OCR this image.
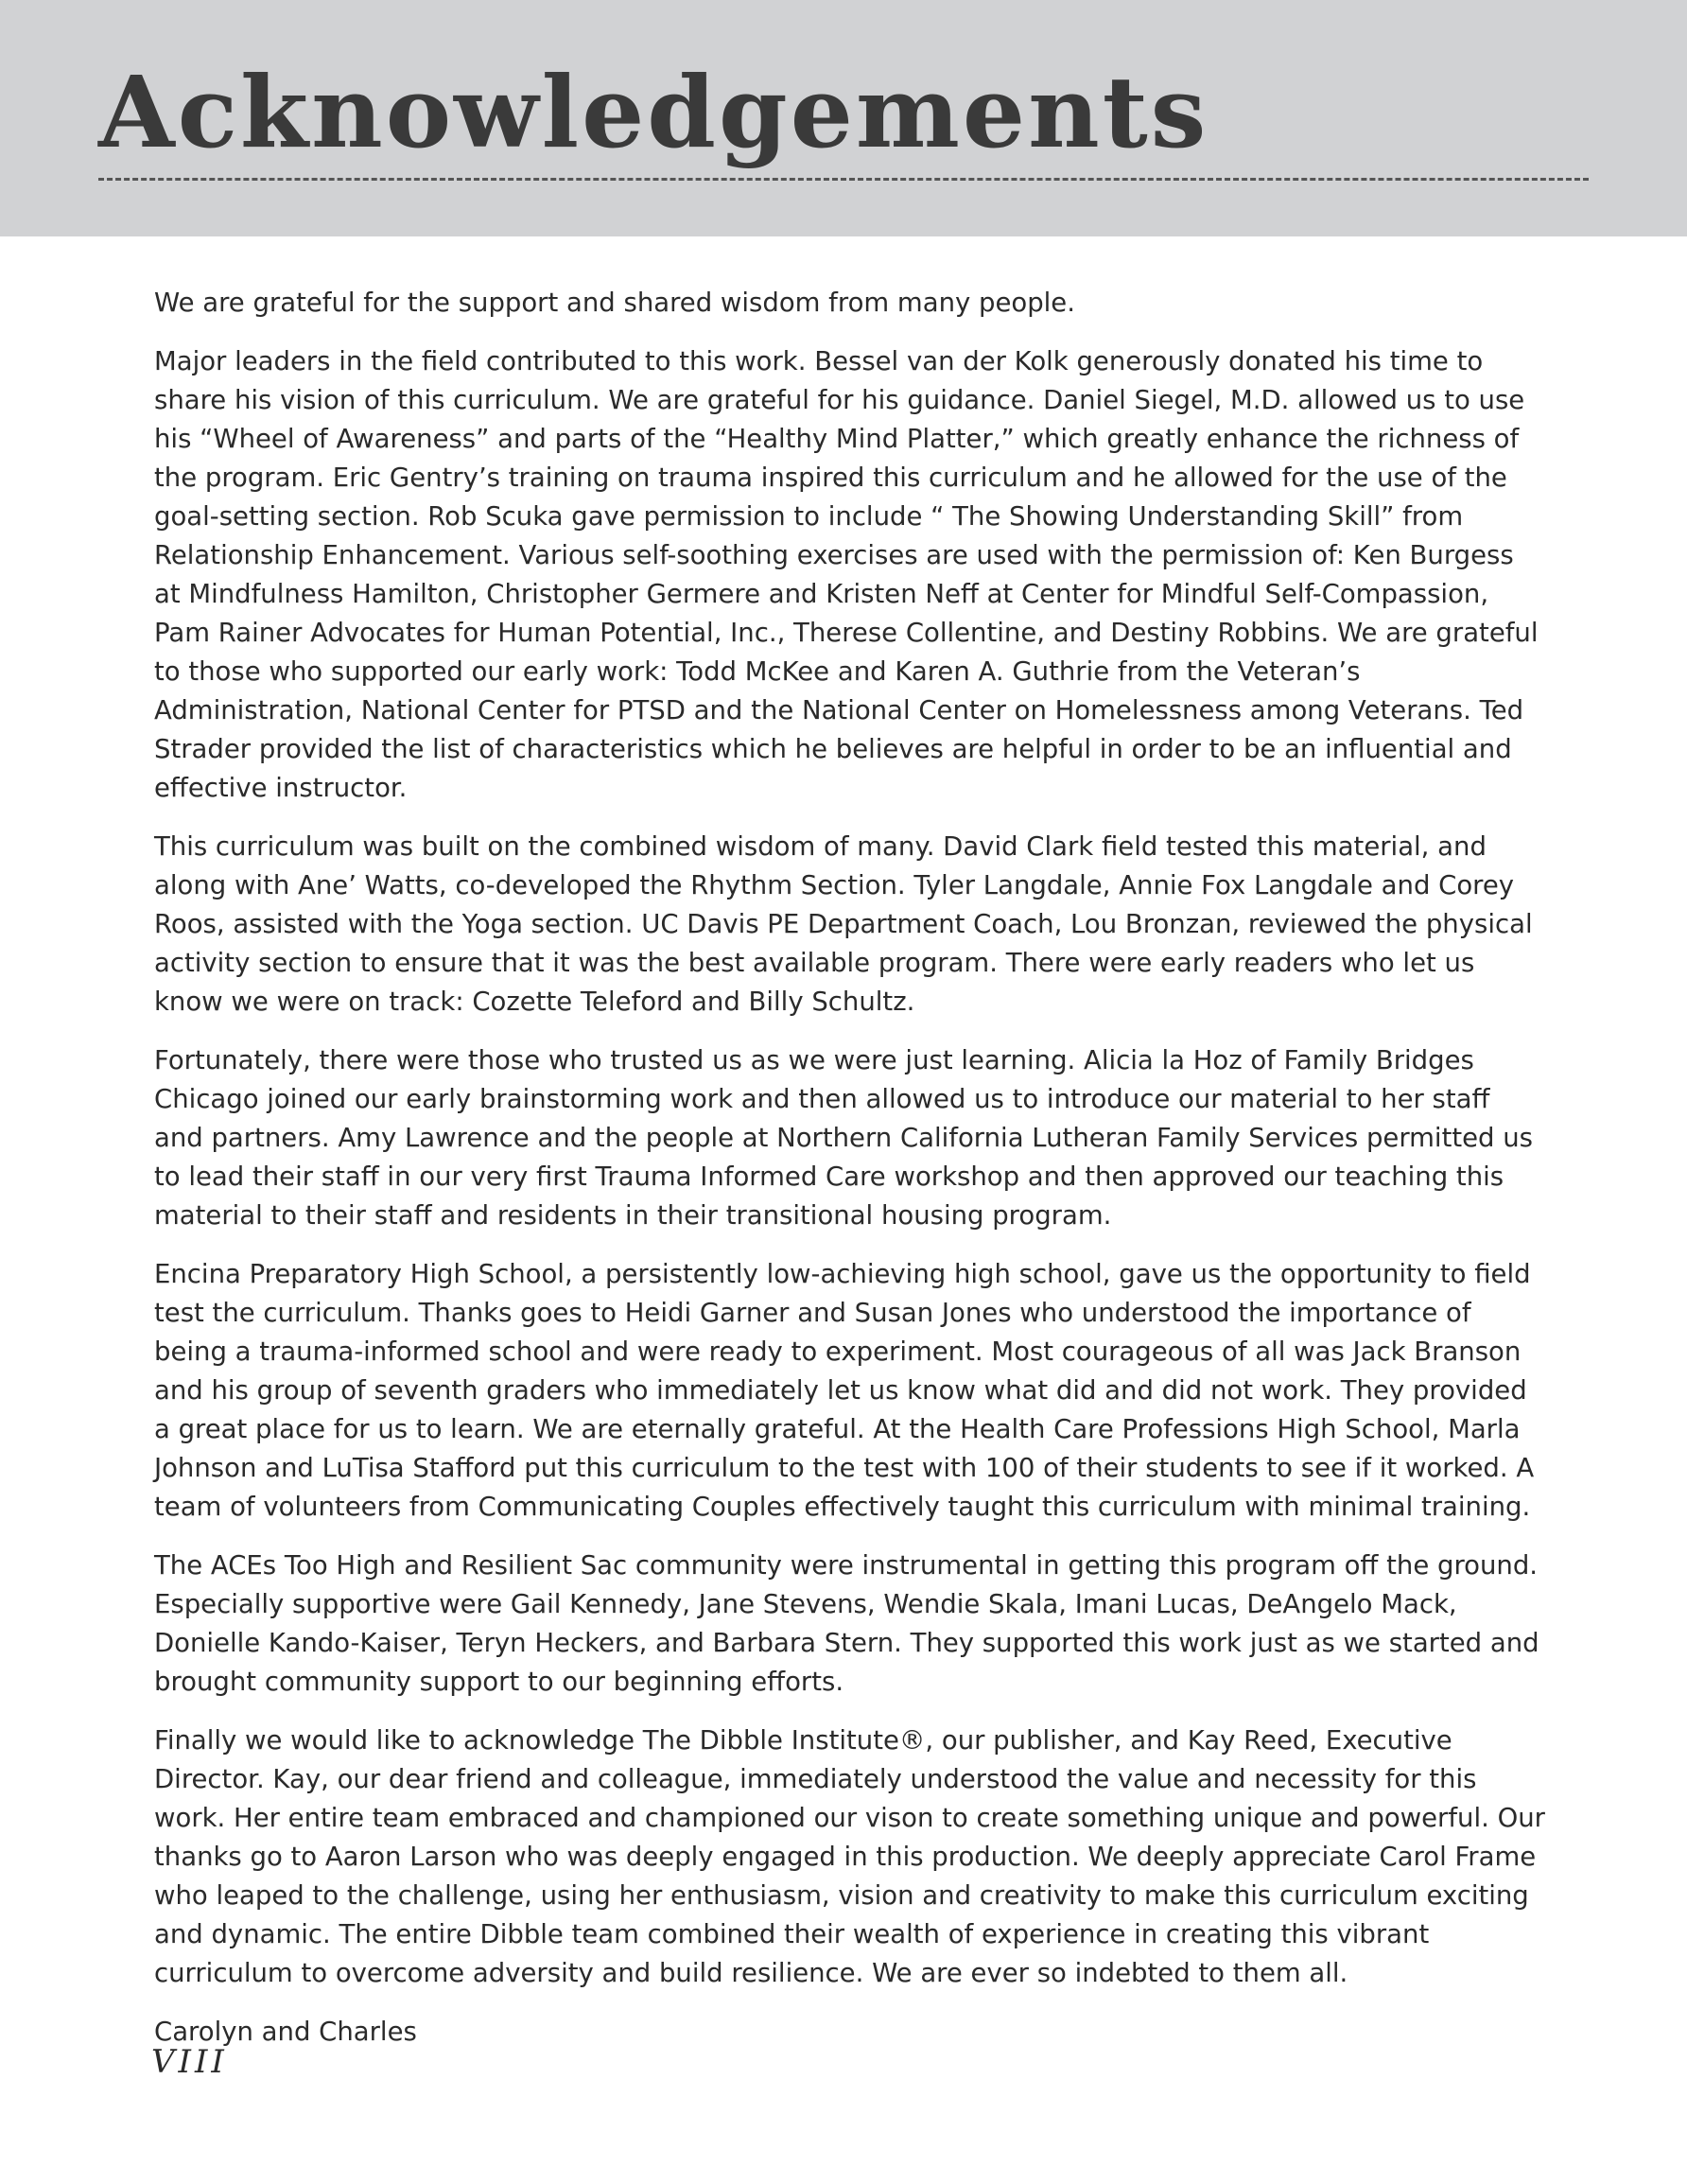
Acknowledgements

We are grateful for the support and shared wisdom from many people.

Major leaders in the field contributed to this work. Bessel van der Kolk generously donated his time to share his vision of this curriculum. We are grateful for his guidance. Daniel Siegel, M.D. allowed us to use his “Wheel of Awareness” and parts of the “Healthy Mind Platter,” which greatly enhance the richness of the program. Eric Gentry’s training on trauma inspired this curriculum and he allowed for the use of the goal-setting section. Rob Scuka gave permission to include “ The Showing Understanding Skill” from Relationship Enhancement. Various self-soothing exercises are used with the permission of: Ken Burgess at Mindfulness Hamilton, Christopher Germere and Kristen Neff at Center for Mindful Self-Compassion, Pam Rainer Advocates for Human Potential, Inc., Therese Collentine, and Destiny Robbins. We are grateful to those who supported our early work: Todd McKee and Karen A. Guthrie from the Veteran’s Administration, National Center for PTSD and the National Center on Homelessness among Veterans. Ted Strader provided the list of characteristics which he believes are helpful in order to be an influential and effective instructor.

This curriculum was built on the combined wisdom of many. David Clark field tested this material, and along with Ane’ Watts, co-developed the Rhythm Section. Tyler Langdale, Annie Fox Langdale and Corey Roos, assisted with the Yoga section. UC Davis PE Department Coach, Lou Bronzan, reviewed the physical activity section to ensure that it was the best available program. There were early readers who let us know we were on track: Cozette Teleford and Billy Schultz.

Fortunately, there were those who trusted us as we were just learning. Alicia la Hoz of Family Bridges Chicago joined our early brainstorming work and then allowed us to introduce our material to her staff and partners. Amy Lawrence and the people at Northern California Lutheran Family Services permitted us to lead their staff in our very first Trauma Informed Care workshop and then approved our teaching this material to their staff and residents in their transitional housing program.

Encina Preparatory High School, a persistently low-achieving high school, gave us the opportunity to field test the curriculum. Thanks goes to Heidi Garner and Susan Jones who understood the importance of being a trauma-informed school and were ready to experiment. Most courageous of all was Jack Branson and his group of seventh graders who immediately let us know what did and did not work. They provided a great place for us to learn. We are eternally grateful. At the Health Care Professions High School, Marla Johnson and LuTisa Stafford put this curriculum to the test with 100 of their students to see if it worked. A team of volunteers from Communicating Couples effectively taught this curriculum with minimal training.

The ACEs Too High and Resilient Sac community were instrumental in getting this program off the ground. Especially supportive were Gail Kennedy, Jane Stevens, Wendie Skala, Imani Lucas, DeAngelo Mack, Donielle Kando-Kaiser, Teryn Heckers, and Barbara Stern. They supported this work just as we started and brought community support to our beginning efforts.

Finally we would like to acknowledge The Dibble Institute®, our publisher, and Kay Reed, Executive Director. Kay, our dear friend and colleague, immediately understood the value and necessity for this work. Her entire team embraced and championed our vison to create something unique and powerful. Our thanks go to Aaron Larson who was deeply engaged in this production. We deeply appreciate Carol Frame who leaped to the challenge, using her enthusiasm, vision and creativity to make this curriculum exciting and dynamic. The entire Dibble team combined their wealth of experience in creating this vibrant curriculum to overcome adversity and build resilience. We are ever so indebted to them all.

Carolyn and Charles

VIII
